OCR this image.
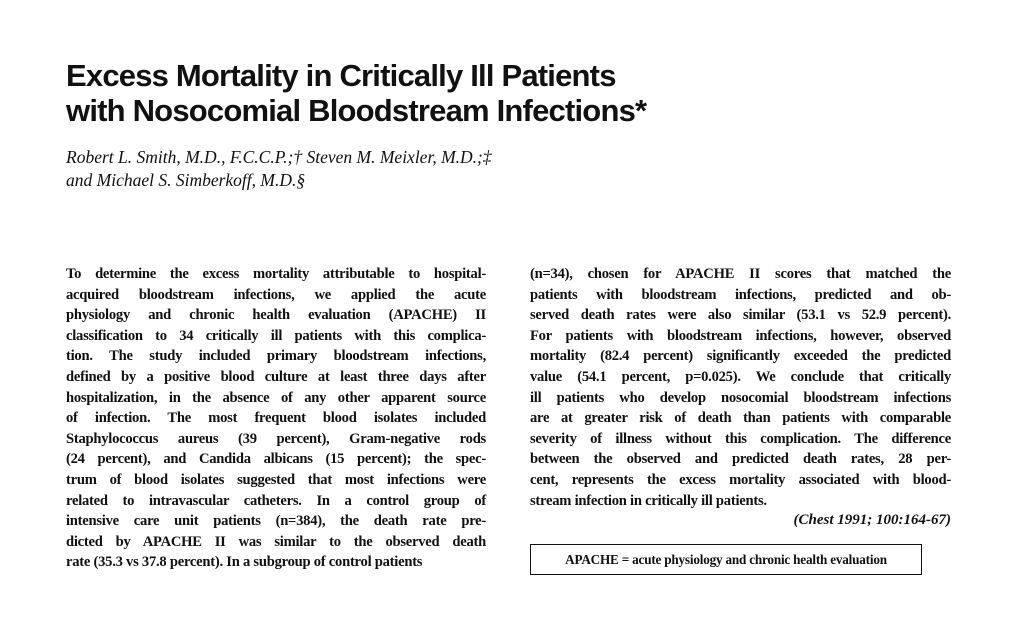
Excess Mortality in Critically Ill Patients
with Nosocomial Bloodstream Infections*
Robert L. Smith, M.D., F.C.C.P.;† Steven M. Meixler, M.D.;‡
and Michael S. Simberkoff, M.D.§
To determine the excess mortality attributable to hospital-
acquired bloodstream infections, we applied the acute
physiology and chronic health evaluation (APACHE) II
classification to 34 critically ill patients with this complica-
tion. The study included primary bloodstream infections,
defined by a positive blood culture at least three days after
hospitalization, in the absence of any other apparent source
of infection. The most frequent blood isolates included
Staphylococcus aureus (39 percent), Gram-negative rods
(24 percent), and Candida albicans (15 percent); the spec-
trum of blood isolates suggested that most infections were
related to intravascular catheters. In a control group of
intensive care unit patients (n=384), the death rate pre-
dicted by APACHE II was similar to the observed death
rate (35.3 vs 37.8 percent). In a subgroup of control patients
(n=34), chosen for APACHE II scores that matched the
patients with bloodstream infections, predicted and ob-
served death rates were also similar (53.1 vs 52.9 percent).
For patients with bloodstream infections, however, observed
mortality (82.4 percent) significantly exceeded the predicted
value (54.1 percent, p=0.025). We conclude that critically
ill patients who develop nosocomial bloodstream infections
are at greater risk of death than patients with comparable
severity of illness without this complication. The difference
between the observed and predicted death rates, 28 per-
cent, represents the excess mortality associated with blood-
stream infection in critically ill patients.
(Chest 1991; 100:164-67)
APACHE = acute physiology and chronic health evaluation
